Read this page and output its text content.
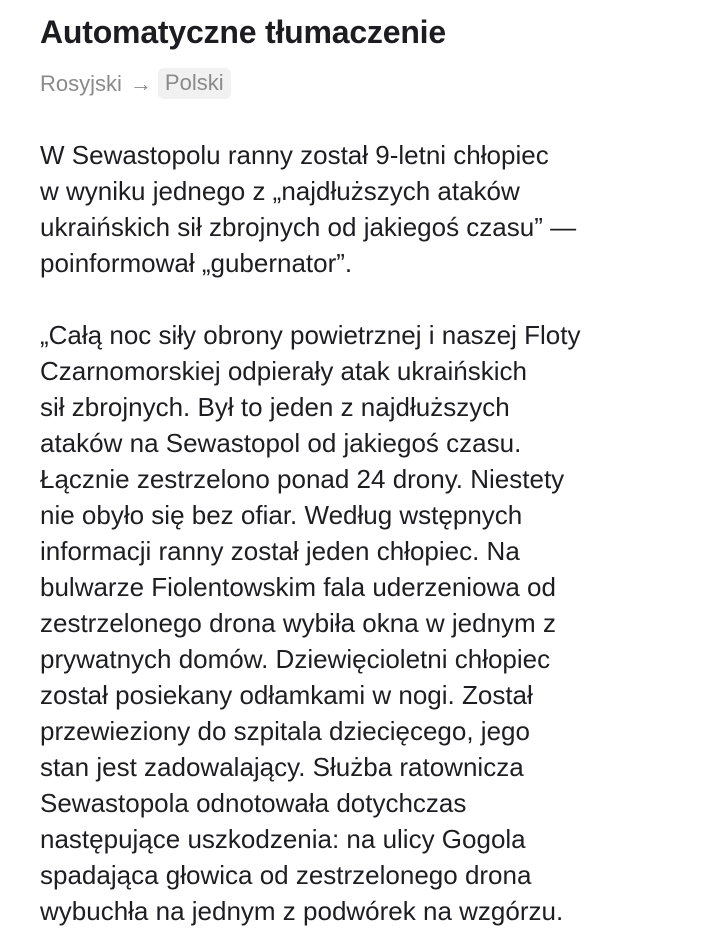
Automatyczne tłumaczenie
Rosyjski → Polski

W Sewastopolu ranny został 9-letni chłopiec
w wyniku jednego z „najdłuższych ataków
ukraińskich sił zbrojnych od jakiegoś czasu” —
poinformował „gubernator”.

„Całą noc siły obrony powietrznej i naszej Floty
Czarnomorskiej odpierały atak ukraińskich
sił zbrojnych. Był to jeden z najdłuższych
ataków na Sewastopol od jakiegoś czasu.
Łącznie zestrzelono ponad 24 drony. Niestety
nie obyło się bez ofiar. Według wstępnych
informacji ranny został jeden chłopiec. Na
bulwarze Fiolentowskim fala uderzeniowa od
zestrzelonego drona wybiła okna w jednym z
prywatnych domów. Dziewięcioletni chłopiec
został posiekany odłamkami w nogi. Został
przewieziony do szpitala dziecięcego, jego
stan jest zadowalający. Służba ratownicza
Sewastopola odnotowała dotychczas
następujące uszkodzenia: na ulicy Gogola
spadająca głowica od zestrzelonego drona
wybuchła na jednym z podwórek na wzgórzu.
